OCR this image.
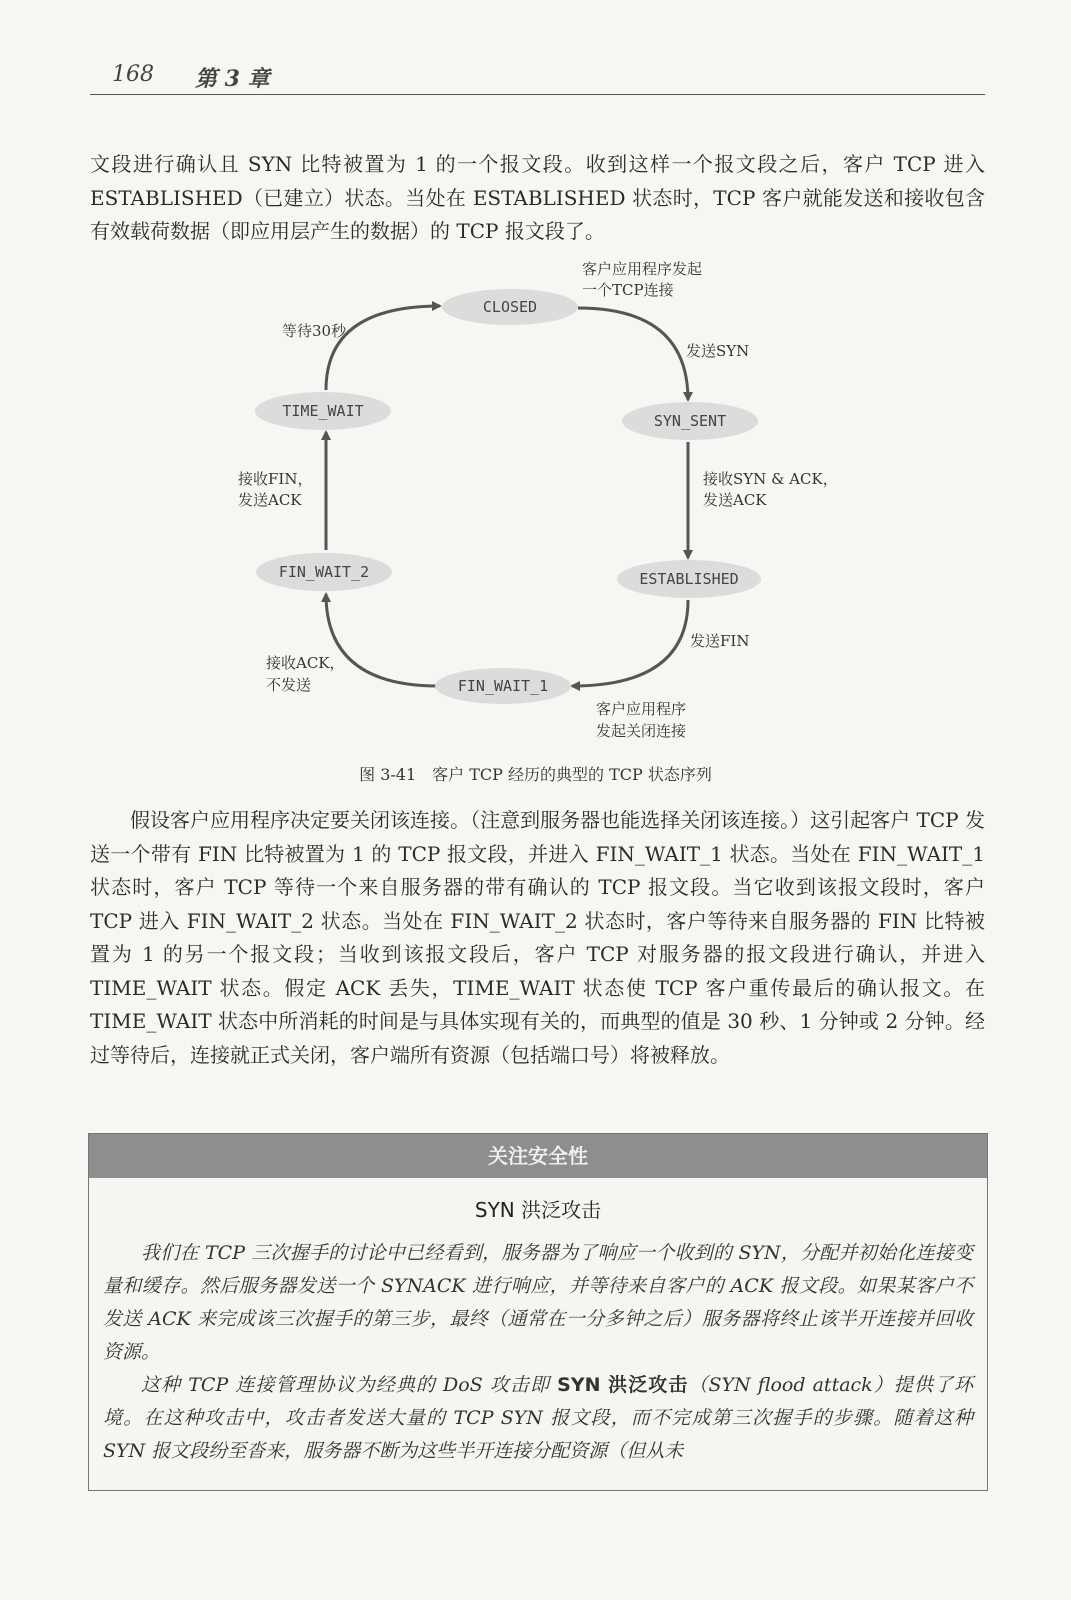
168 第 3 章

文段进行确认且 SYN 比特被置为 1 的一个报文段。收到这样一个报文段之后，客户 TCP 进入 ESTABLISHED（已建立）状态。当处在 ESTABLISHED 状态时，TCP 客户就能发送和接收包含有效载荷数据（即应用层产生的数据）的 TCP 报文段了。

CLOSED
SYN_SENT
ESTABLISHED
FIN_WAIT_1
FIN_WAIT_2
TIME_WAIT
客户应用程序发起
一个TCP连接
发送SYN
接收SYN & ACK，
发送ACK
发送FIN
客户应用程序
发起关闭连接
接收ACK，
不发送
接收FIN，
发送ACK
等待30秒
图 3-41　客户 TCP 经历的典型的 TCP 状态序列

假设客户应用程序决定要关闭该连接。（注意到服务器也能选择关闭该连接。）这引起客户 TCP 发送一个带有 FIN 比特被置为 1 的 TCP 报文段，并进入 FIN_WAIT_1 状态。当处在 FIN_WAIT_1 状态时，客户 TCP 等待一个来自服务器的带有确认的 TCP 报文段。当它收到该报文段时，客户 TCP 进入 FIN_WAIT_2 状态。当处在 FIN_WAIT_2 状态时，客户等待来自服务器的 FIN 比特被置为 1 的另一个报文段；当收到该报文段后，客户 TCP 对服务器的报文段进行确认，并进入 TIME_WAIT 状态。假定 ACK 丢失，TIME_WAIT 状态使 TCP 客户重传最后的确认报文。在 TIME_WAIT 状态中所消耗的时间是与具体实现有关的，而典型的值是 30 秒、1 分钟或 2 分钟。经过等待后，连接就正式关闭，客户端所有资源（包括端口号）将被释放。

关注安全性
SYN 洪泛攻击

我们在 TCP 三次握手的讨论中已经看到，服务器为了响应一个收到的 SYN，分配并初始化连接变量和缓存。然后服务器发送一个 SYNACK 进行响应，并等待来自客户的 ACK 报文段。如果某客户不发送 ACK 来完成该三次握手的第三步，最终（通常在一分多钟之后）服务器将终止该半开连接并回收资源。

这种 TCP 连接管理协议为经典的 DoS 攻击即 SYN 洪泛攻击（SYN flood attack）提供了环境。在这种攻击中，攻击者发送大量的 TCP SYN 报文段，而不完成第三次握手的步骤。随着这种 SYN 报文段纷至沓来，服务器不断为这些半开连接分配资源（但从未
